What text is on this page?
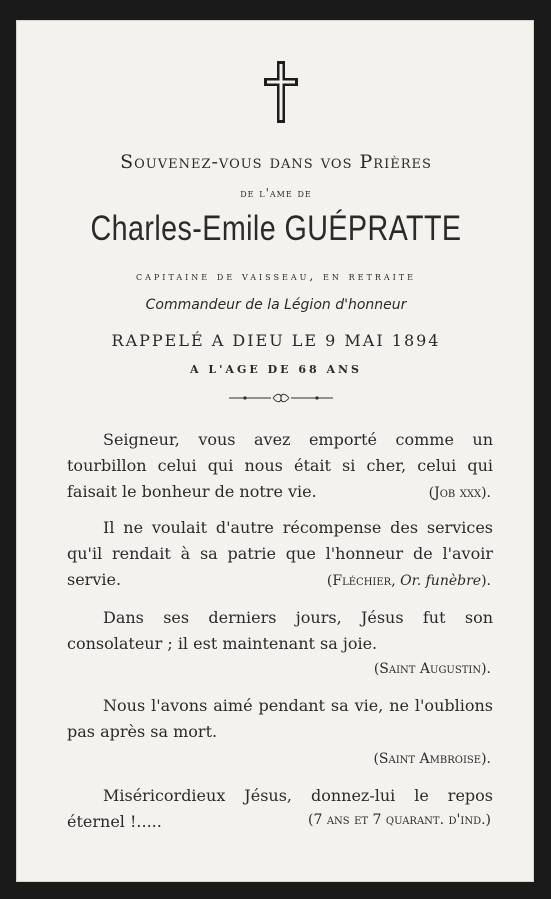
Souvenez-vous dans vos Prières
de l'ame de
Charles-Emile GUÉPRATTE
capitaine de vaisseau, en retraite
Commandeur de la Légion d'honneur
RAPPELÉ A DIEU LE 9 MAI 1894
A L'AGE DE 68 ANS
Seigneur, vous avez emporté comme un tourbillon celui qui nous était si cher, celui qui faisait le bonheur de notre vie.	(Job xxx).
Il ne voulait d'autre récompense des services qu'il rendait à sa patrie que l'honneur de l'avoir servie.	(Fléchier, Or. funèbre).
Dans ses derniers jours, Jésus fut son consolateur ; il est maintenant sa joie.
(Saint Augustin).
Nous l'avons aimé pendant sa vie, ne l'oublions pas après sa mort.
(Saint Ambroise).
Miséricordieux Jésus, donnez-lui le repos éternel !.....	(7 ans et 7 quarant. d'ind.)
